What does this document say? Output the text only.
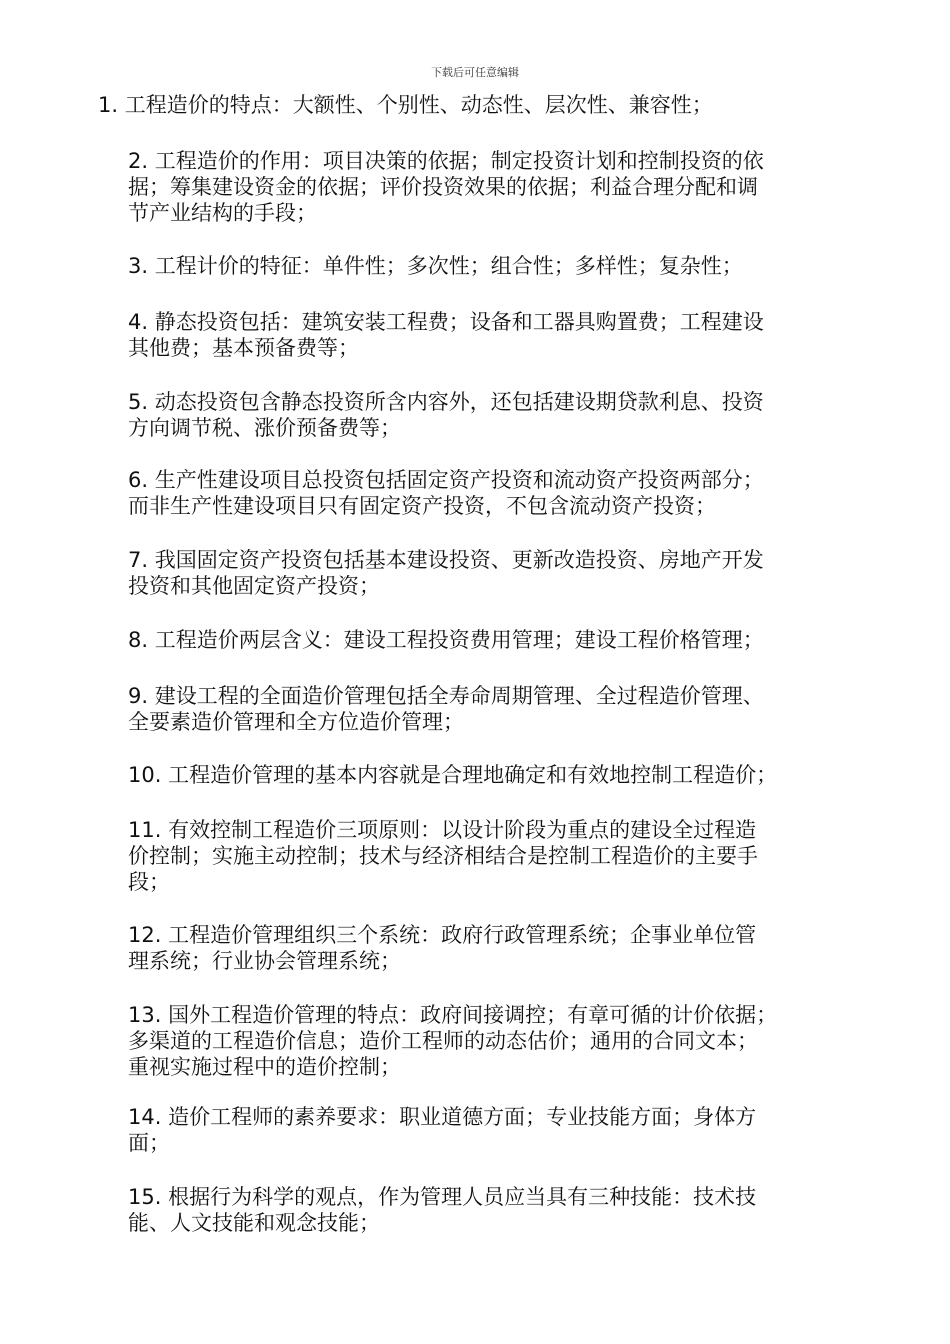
下载后可任意编辑
1. 工程造价的特点：大额性、个别性、动态性、层次性、兼容性；
2. 工程造价的作用：项目决策的依据；制定投资计划和控制投资的依
据；筹集建设资金的依据；评价投资效果的依据；利益合理分配和调
节产业结构的手段；
3. 工程计价的特征：单件性；多次性；组合性；多样性；复杂性；
4. 静态投资包括：建筑安装工程费；设备和工器具购置费；工程建设
其他费；基本预备费等；
5. 动态投资包含静态投资所含内容外，还包括建设期贷款利息、投资
方向调节税、涨价预备费等；
6. 生产性建设项目总投资包括固定资产投资和流动资产投资两部分；
而非生产性建设项目只有固定资产投资，不包含流动资产投资；
7. 我国固定资产投资包括基本建设投资、更新改造投资、房地产开发
投资和其他固定资产投资；
8. 工程造价两层含义：建设工程投资费用管理；建设工程价格管理；
9. 建设工程的全面造价管理包括全寿命周期管理、全过程造价管理、
全要素造价管理和全方位造价管理；
10. 工程造价管理的基本内容就是合理地确定和有效地控制工程造价；
11. 有效控制工程造价三项原则：以设计阶段为重点的建设全过程造
价控制；实施主动控制；技术与经济相结合是控制工程造价的主要手
段；
12. 工程造价管理组织三个系统：政府行政管理系统；企事业单位管
理系统；行业协会管理系统；
13. 国外工程造价管理的特点：政府间接调控；有章可循的计价依据；
多渠道的工程造价信息；造价工程师的动态估价；通用的合同文本；
重视实施过程中的造价控制；
14. 造价工程师的素养要求：职业道德方面；专业技能方面；身体方
面；
15. 根据行为科学的观点，作为管理人员应当具有三种技能：技术技
能、人文技能和观念技能；
